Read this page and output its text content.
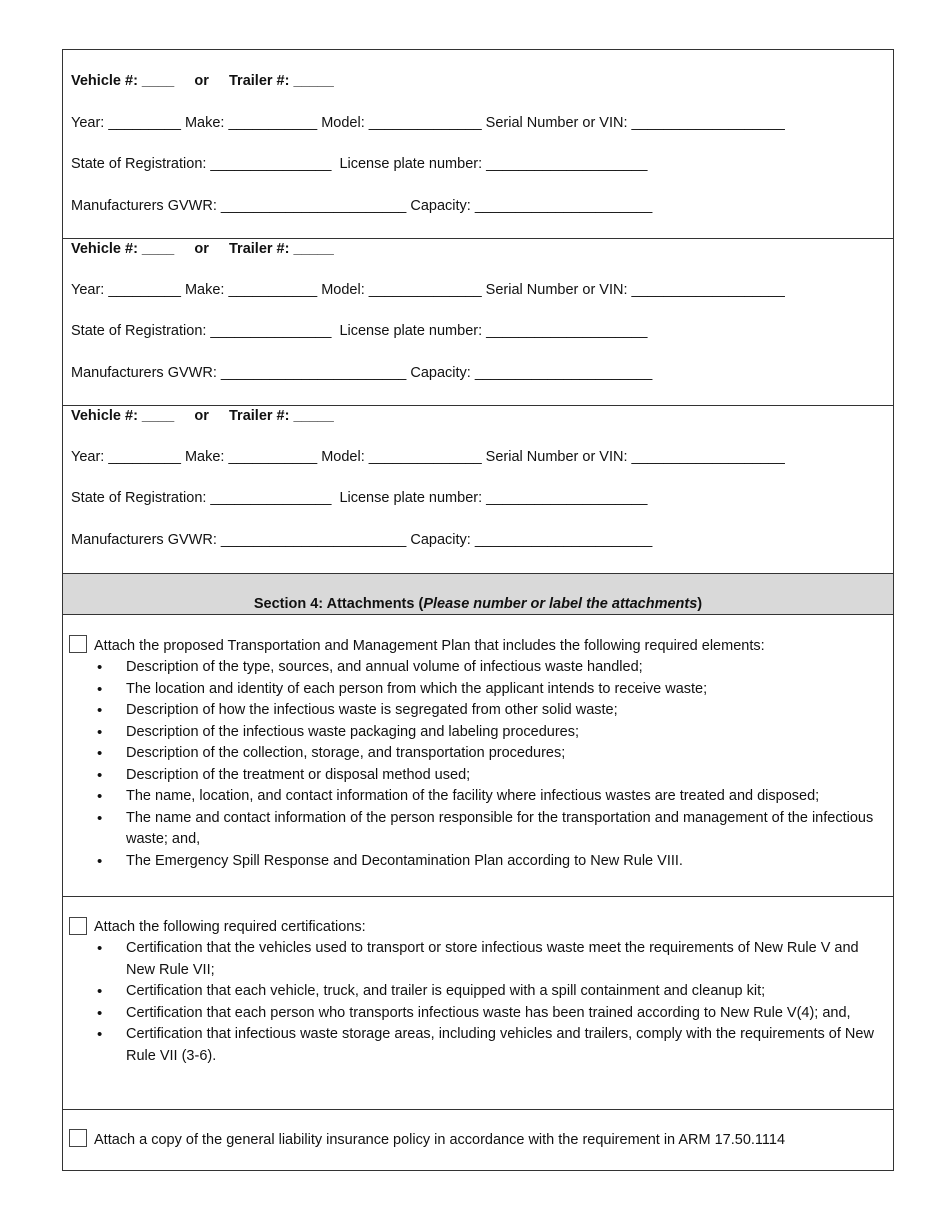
Vehicle #: ____ or Trailer #: _____
Year: _________ Make: ___________ Model: ______________ Serial Number or VIN: ___________________
State of Registration: _______________  License plate number: ____________________
Manufacturers GVWR: _______________________ Capacity: ______________________
Vehicle #: ____ or Trailer #: _____
Year: _________ Make: ___________ Model: ______________ Serial Number or VIN: ___________________
State of Registration: _______________  License plate number: ____________________
Manufacturers GVWR: _______________________ Capacity: ______________________
Vehicle #: ____ or Trailer #: _____
Year: _________ Make: ___________ Model: ______________ Serial Number or VIN: ___________________
State of Registration: _______________  License plate number: ____________________
Manufacturers GVWR: _______________________ Capacity: ______________________
Section 4: Attachments (Please number or label the attachments)
Attach the proposed Transportation and Management Plan that includes the following required elements:
• Description of the type, sources, and annual volume of infectious waste handled;
• The location and identity of each person from which the applicant intends to receive waste;
• Description of how the infectious waste is segregated from other solid waste;
• Description of the infectious waste packaging and labeling procedures;
• Description of the collection, storage, and transportation procedures;
• Description of the treatment or disposal method used;
• The name, location, and contact information of the facility where infectious wastes are treated and disposed;
• The name and contact information of the person responsible for the transportation and management of the infectious waste; and,
• The Emergency Spill Response and Decontamination Plan according to New Rule VIII.
Attach the following required certifications:
• Certification that the vehicles used to transport or store infectious waste meet the requirements of New Rule V and New Rule VII;
• Certification that each vehicle, truck, and trailer is equipped with a spill containment and cleanup kit;
• Certification that each person who transports infectious waste has been trained according to New Rule V(4); and,
• Certification that infectious waste storage areas, including vehicles and trailers, comply with the requirements of New Rule VII (3-6).
Attach a copy of the general liability insurance policy in accordance with the requirement in ARM 17.50.1114
